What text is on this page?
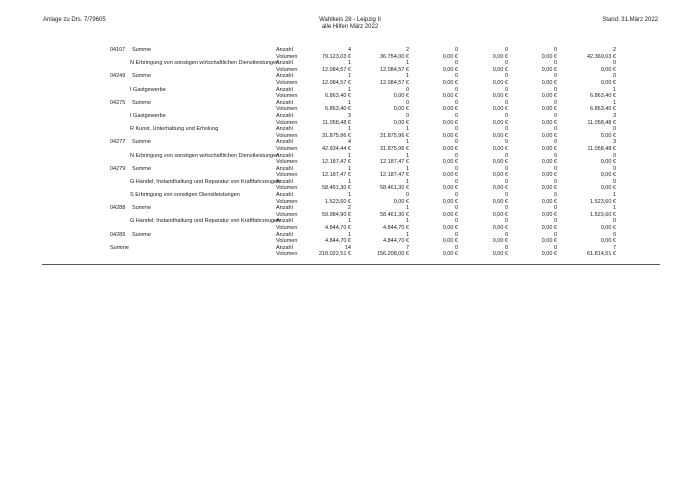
Anlage zu Drs. 7/79605	Wahlkeis 28 - Leipzig II
alle Hilfen März 2022
Stand: 31.März 2022
04107 Summe	Anzahl	4	2	0	0	0	2
Volumen	79.123,03 €	36.754,00 €	0,00 €	0,00 €	0,00 €	42.369,03 €
N Erbringung von sonstigen wirtschaftlichen Dienstleistungen
Anzahl	1	1	0	0	0	0
Volumen	12.084,57 €	12.084,57 €	0,00 €	0,00 €	0,00 €	0,00 €
04249 Summe	Anzahl	1	1	0	0	0	0
Volumen	12.084,57 €	12.084,57 €	0,00 €	0,00 €	0,00 €	0,00 €
I Gastgewerbe	Anzahl	1	0	0	0	0	1
Volumen	6.863,40 €	0,00 €	0,00 €	0,00 €	0,00 €	6.863,40 €
04275 Summe	Anzahl	1	0	0	0	0	1
Volumen	6.863,40 €	0,00 €	0,00 €	0,00 €	0,00 €	6.863,40 €
I Gastgewerbe	Anzahl	3	0	0	0	0	3
Volumen	11.058,48 €	0,00 €	0,00 €	0,00 €	0,00 €	11.058,48 €
R Kunst, Unterhaltung und Erholung	Anzahl	1	1	0	0	0	0
Volumen	31.875,96 €	31.875,96 €	0,00 €	0,00 €	0,00 €	0,00 €
04277 Summe	Anzahl	4	1	0	0	0	3
Volumen	42.934,44 €	31.875,96 €	0,00 €	0,00 €	0,00 €	11.058,48 €
N Erbringung von sonstigen wirtschaftlichen Dienstleistungen
Anzahl	1	1	0	0	0	0
Volumen	12.187,47 €	12.187,47 €	0,00 €	0,00 €	0,00 €	0,00 €
04279 Summe	Anzahl	1	1	0	0	0	0
Volumen	12.187,47 €	12.187,47 €	0,00 €	0,00 €	0,00 €	0,00 €
G Handel; Instandhaltung und Reparatur von Kraftfahrzeugen
Anzahl	1	1	0	0	0	0
Volumen	58.461,30 €	58.461,30 €	0,00 €	0,00 €	0,00 €	0,00 €
S Erbringung von sonstigen Dienstleistungen	Anzahl	1	0	0	0	0	1
Volumen	1.523,60 €	0,00 €	0,00 €	0,00 €	0,00 €	1.523,60 €
04288 Summe	Anzahl	2	1	0	0	0	1
Volumen	59.984,90 €	58.461,30 €	0,00 €	0,00 €	0,00 €	1.523,60 €
G Handel; Instandhaltung und Reparatur von Kraftfahrzeugen
Anzahl	1	1	0	0	0	0
Volumen	4.844,70 €	4.844,70 €	0,00 €	0,00 €	0,00 €	0,00 €
04289 Summe	Anzahl	1	1	0	0	0	0
Volumen	4.844,70 €	4.844,70 €	0,00 €	0,00 €	0,00 €	0,00 €
Summe	Anzahl	14	7	0	0	0	7
Volumen	218.022,51 €	156.208,00 €	0,00 €	0,00 €	0,00 €	61.814,51 €
